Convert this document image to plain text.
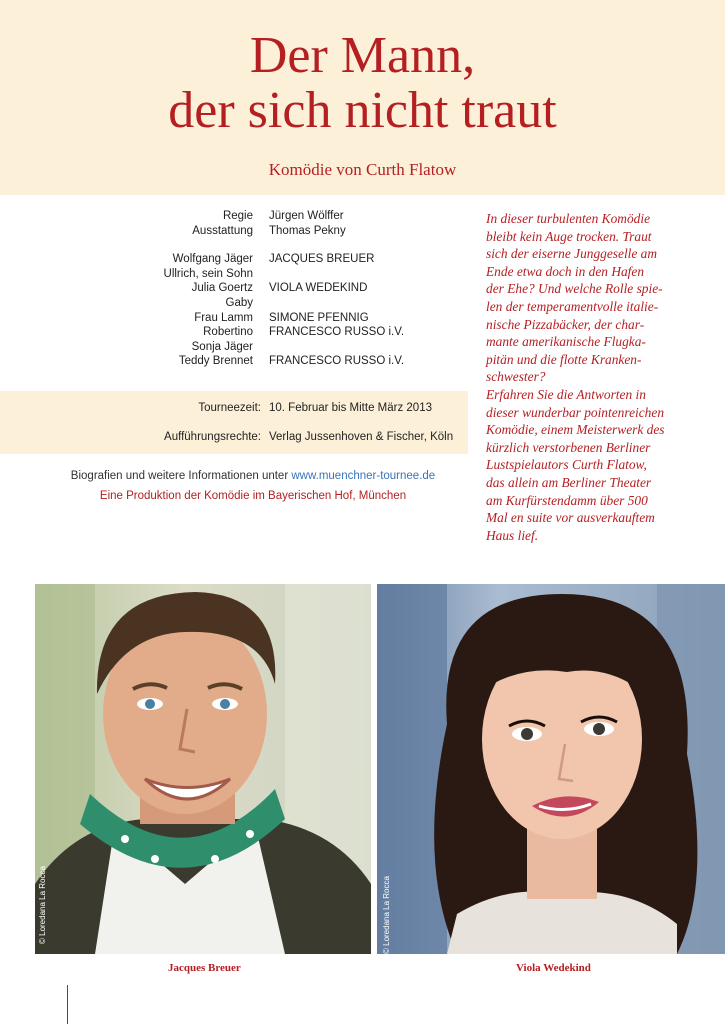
Der Mann,
der sich nicht traut
Komödie von Curth Flatow
Regie Jürgen Wölffer
Ausstattung Thomas Pekny
Wolfgang Jäger JACQUES BREUER
Ullrich, sein Sohn
Julia Goertz VIOLA WEDEKIND
Gaby
Frau Lamm SIMONE PFENNIG
Robertino FRANCESCO RUSSO i.V.
Sonja Jäger
Teddy Brennet FRANCESCO RUSSO i.V.
Tourneezeit: 10. Februar bis Mitte März 2013
Aufführungsrechte: Verlag Jussenhoven & Fischer, Köln
Biografien und weitere Informationen unter www.muenchner-tournee.de
Eine Produktion der Komödie im Bayerischen Hof, München
In dieser turbulenten Komödie
bleibt kein Auge trocken. Traut
sich der eiserne Junggeselle am
Ende etwa doch in den Hafen
der Ehe? Und welche Rolle spie-
len der temperamentvolle italie-
nische Pizzabäcker, der char-
mante amerikanische Flugka-
pitän und die flotte Kranken-
schwester?
Erfahren Sie die Antworten in
dieser wunderbar pointenreichen
Komödie, einem Meisterwerk des
kürzlich verstorbenen Berliner
Lustspielautors Curth Flatow,
das allein am Berliner Theater
am Kurfürstendamm über 500
Mal en suite vor ausverkauftem
Haus lief.
© Loredana La Rocca	© Loredana La Rocca
Jacques Breuer	Viola Wedekind
